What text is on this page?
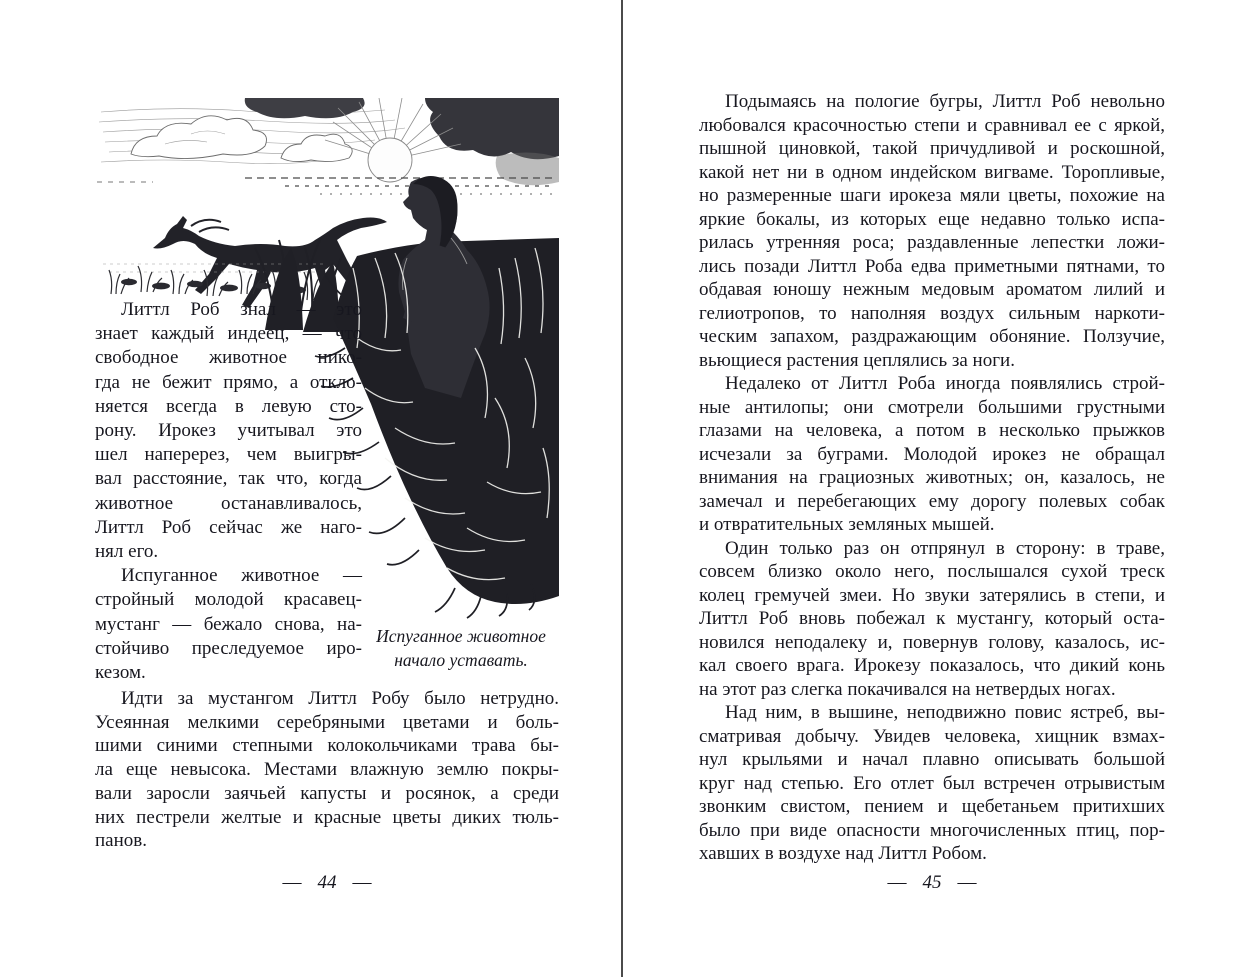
Литтл Роб знал — это
знает каждый индеец, — что
свободное животное нико-
гда не бежит прямо, а откло-
няется всегда в левую сто-
рону. Ирокез учитывал это
шел наперерез, чем выигры-
вал расстояние, так что, когда
животное останавливалось,
Литтл Роб сейчас же наго-
нял его.
Испуганное животное —
стройный молодой красавец-
мустанг — бежало снова, на-
стойчиво преследуемое иро-
кезом.
Испуганное животное
начало уставать.
Идти за мустангом Литтл Робу было нетрудно.
Усеянная мелкими серебряными цветами и боль-
шими синими степными колокольчиками трава бы-
ла еще невысока. Местами влажную землю покры-
вали заросли заячьей капусты и росянок, а среди
них пестрели желтые и красные цветы диких тюль-
панов.
— 44 —
Подымаясь на пологие бугры, Литтл Роб невольно
любовался красочностью степи и сравнивал ее с яркой,
пышной циновкой, такой причудливой и роскошной,
какой нет ни в одном индейском вигваме. Торопливые,
но размеренные шаги ирокеза мяли цветы, похожие на
яркие бокалы, из которых еще недавно только испа-
рилась утренняя роса; раздавленные лепестки ложи-
лись позади Литтл Роба едва приметными пятнами, то
обдавая юношу нежным медовым ароматом лилий и
гелиотропов, то наполняя воздух сильным наркоти-
ческим запахом, раздражающим обоняние. Ползучие,
вьющиеся растения цеплялись за ноги.
Недалеко от Литтл Роба иногда появлялись строй-
ные антилопы; они смотрели большими грустными
глазами на человека, а потом в несколько прыжков
исчезали за буграми. Молодой ирокез не обращал
внимания на грациозных животных; он, казалось, не
замечал и перебегающих ему дорогу полевых собак
и отвратительных земляных мышей.
Один только раз он отпрянул в сторону: в траве,
совсем близко около него, послышался сухой треск
колец гремучей змеи. Но звуки затерялись в степи, и
Литтл Роб вновь побежал к мустангу, который оста-
новился неподалеку и, повернув голову, казалось, ис-
кал своего врага. Ирокезу показалось, что дикий конь
на этот раз слегка покачивался на нетвердых ногах.
Над ним, в вышине, неподвижно повис ястреб, вы-
сматривая добычу. Увидев человека, хищник взмах-
нул крыльями и начал плавно описывать большой
круг над степью. Его отлет был встречен отрывистым
звонким свистом, пением и щебетаньем притихших
было при виде опасности многочисленных птиц, пор-
хавших в воздухе над Литтл Робом.
— 45 —
